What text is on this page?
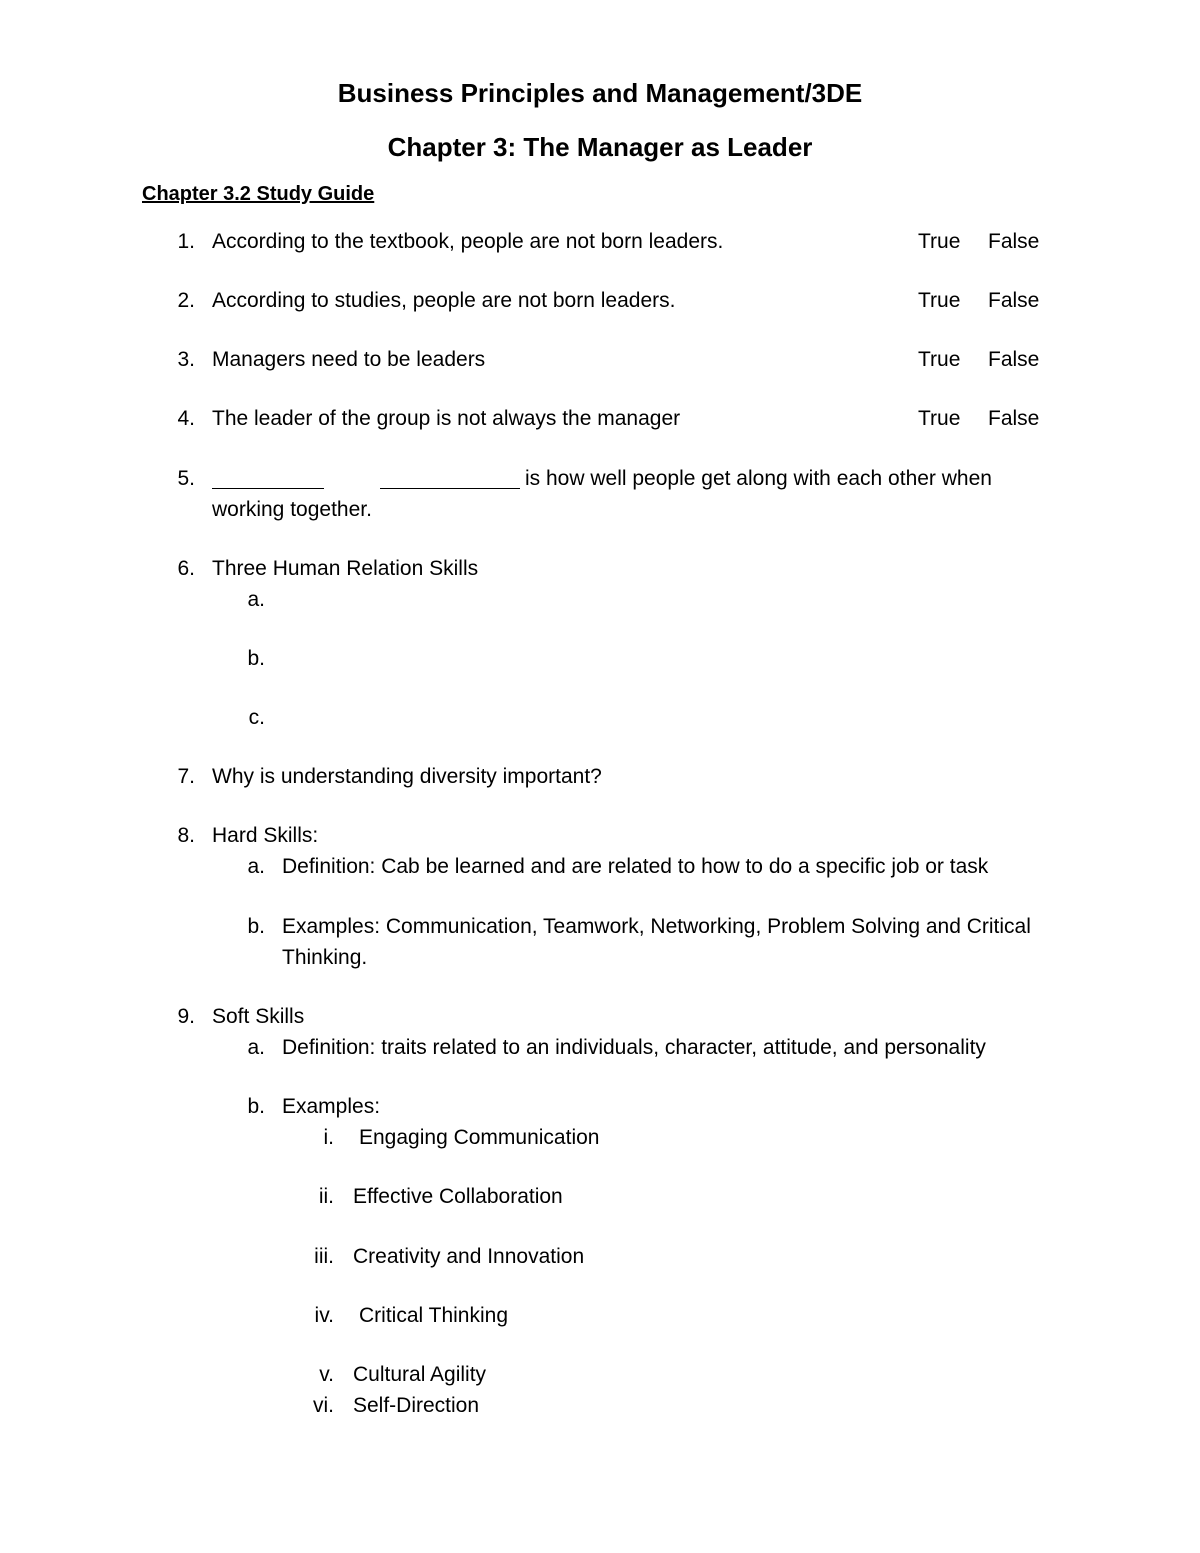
Business Principles and Management/3DE
Chapter 3: The Manager as Leader
Chapter 3.2 Study Guide
1. According to the textbook, people are not born leaders.	True False
2. According to studies, people are not born leaders.	True False
3. Managers need to be leaders	True False
4. The leader of the group is not always the manager	True False
5.	is how well people get along with each other when
working together.
6. Three Human Relation Skills
a.
b.
c.
7. Why is understanding diversity important?
8. Hard Skills:
a. Definition: Cab be learned and are related to how to do a specific job or task
b. Examples: Communication, Teamwork, Networking, Problem Solving and Critical
Thinking.
9. Soft Skills
a. Definition: traits related to an individuals, character, attitude, and personality
b. Examples:
i. Engaging Communication
ii. Effective Collaboration
iii. Creativity and Innovation
iv. Critical Thinking
v. Cultural Agility
vi. Self-Direction
